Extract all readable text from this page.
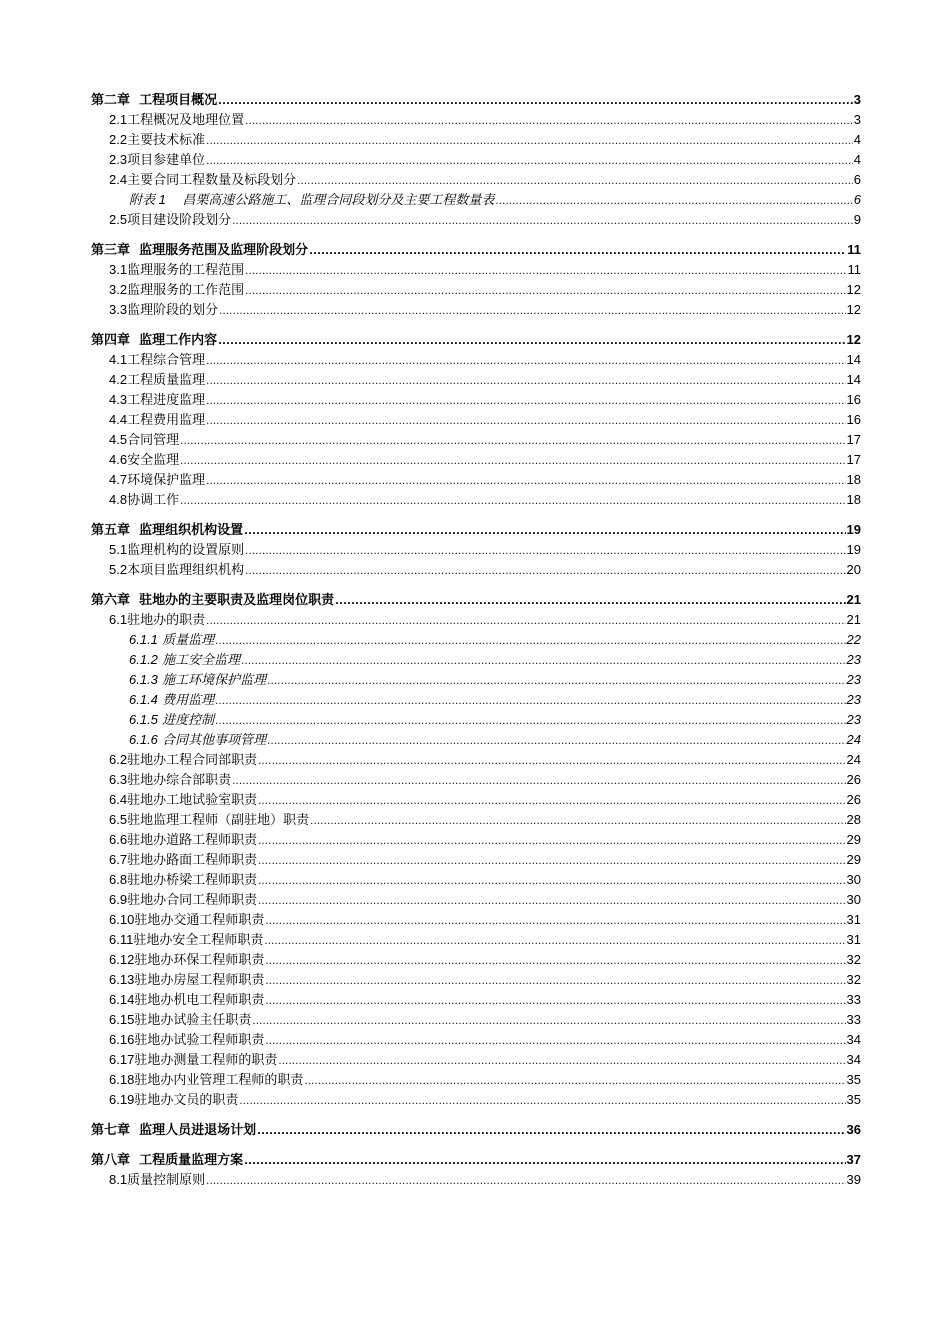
第二章 工程项目概况 .....	3
2.1工程概况及地理位置 .....	3
2.2主要技术标准 .....	4
2.3项目参建单位 .....	4
2.4主要合同工程数量及标段划分 .....	6
附表 1 昌栗高速公路施工、监理合同段划分及主要工程数量表 .....	6
2.5项目建设阶段划分 .....	9
第三章 监理服务范围及监理阶段划分 .....	11
3.1监理服务的工程范围 .....	11
3.2监理服务的工作范围 .....	12
3.3监理阶段的划分 .....	12
第四章 监理工作内容 .....	12
4.1工程综合管理 .....	14
4.2工程质量监理 .....	14
4.3工程进度监理 .....	16
4.4工程费用监理 .....	16
4.5合同管理 .....	17
4.6安全监理 .....	17
4.7环境保护监理 .....	18
4.8协调工作 .....	18
第五章 监理组织机构设置 .....	19
5.1监理机构的设置原则 .....	19
5.2本项目监理组织机构 .....	20
第六章 驻地办的主要职责及监理岗位职责 .....	21
6.1驻地办的职责 .....	21
6.1.1 质量监理 .....	22
6.1.2 施工安全监理 .....	23
6.1.3 施工环境保护监理 .....	23
6.1.4 费用监理 .....	23
6.1.5 进度控制 .....	23
6.1.6 合同其他事项管理 .....	24
6.2驻地办工程合同部职责 .....	24
6.3驻地办综合部职责 .....	26
6.4驻地办工地试验室职责 .....	26
6.5驻地监理工程师（副驻地）职责 .....	28
6.6驻地办道路工程师职责 .....	29
6.7驻地办路面工程师职责 .....	29
6.8驻地办桥梁工程师职责 .....	30
6.9驻地办合同工程师职责 .....	30
6.10驻地办交通工程师职责 .....	31
6.11驻地办安全工程师职责 .....	31
6.12驻地办环保工程师职责 .....	32
6.13驻地办房屋工程师职责 .....	32
6.14驻地办机电工程师职责 .....	33
6.15驻地办试验主任职责 .....	33
6.16驻地办试验工程师职责 .....	34
6.17驻地办测量工程师的职责 .....	34
6.18驻地办内业管理工程师的职责 .....	35
6.19驻地办文员的职责 .....	35
第七章 监理人员进退场计划 .....	36
第八章 工程质量监理方案 .....	37
8.1质量控制原则 .....	39
